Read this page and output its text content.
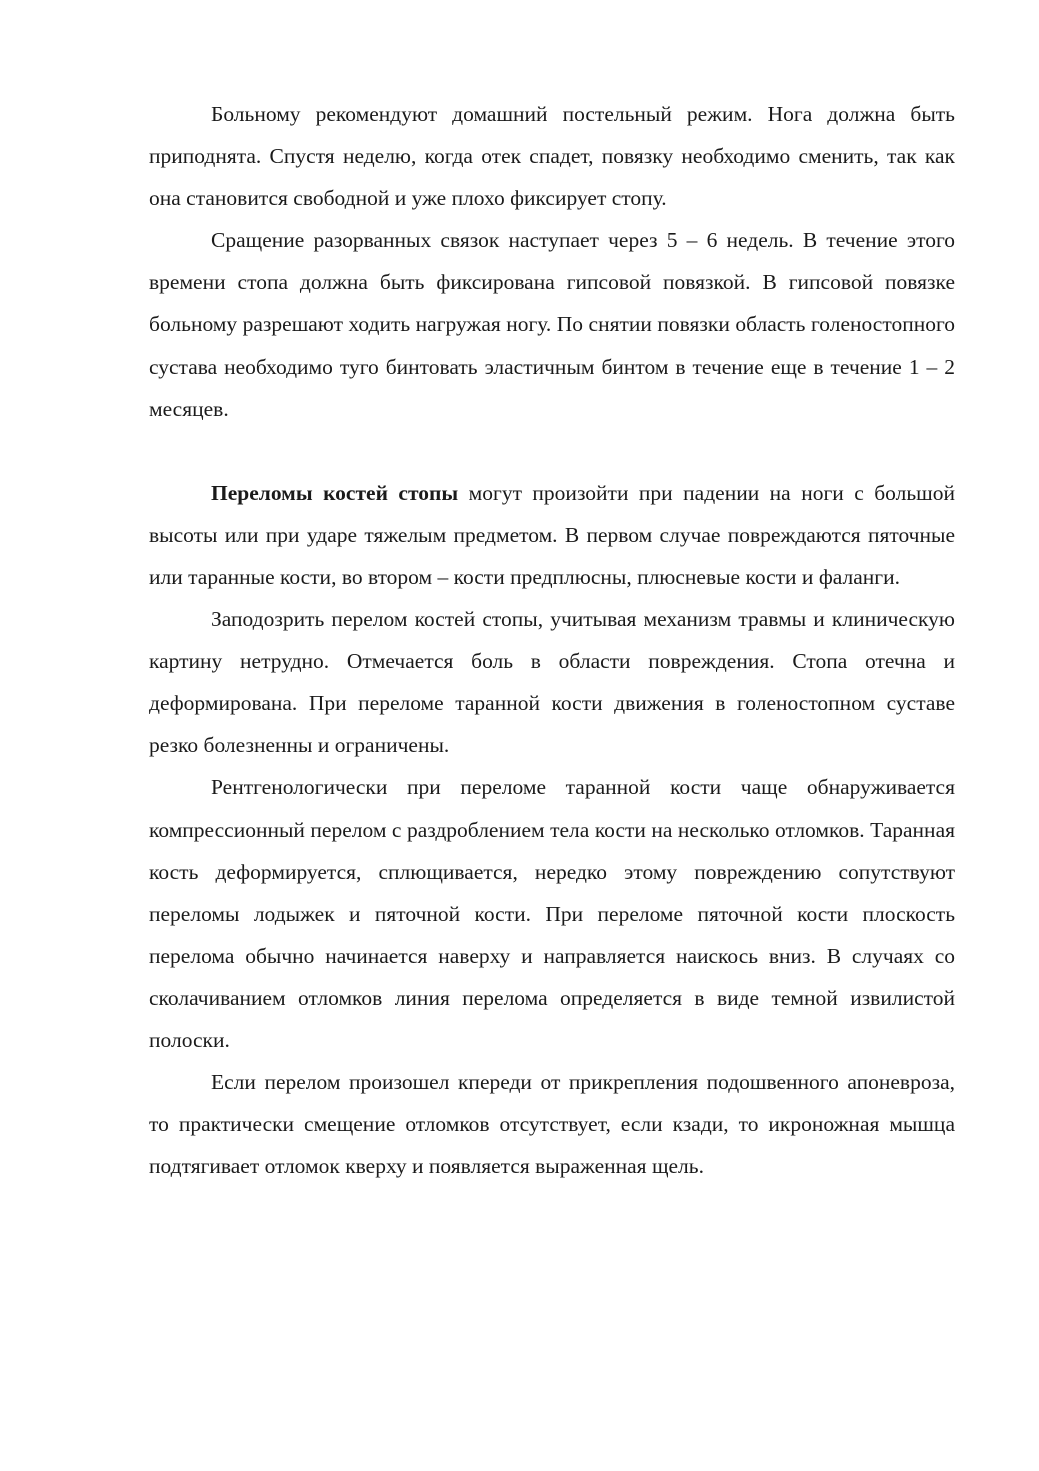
Больному рекомендуют домашний постельный режим. Нога должна быть приподнята. Спустя неделю, когда отек спадет, повязку необходимо сменить, так как она становится свободной и уже плохо фиксирует стопу.

Сращение разорванных связок наступает через 5 – 6 недель. В течение этого времени стопа должна быть фиксирована гипсовой повязкой. В гипсовой повязке больному разрешают ходить нагружая ногу. По снятии повязки область голеностопного сустава необходимо туго бинтовать эластичным бинтом в течение еще в течение 1 – 2 месяцев.

Переломы костей стопы могут произойти при падении на ноги с большой высоты или при ударе тяжелым предметом. В первом случае повреждаются пяточные или таранные кости, во втором – кости предплюсны, плюсневые кости и фаланги.

Заподозрить перелом костей стопы, учитывая механизм травмы и клиническую картину нетрудно. Отмечается боль в области повреждения. Стопа отечна и деформирована. При переломе таранной кости движения в голеностопном суставе резко болезненны и ограничены.

Рентгенологически при переломе таранной кости чаще обнаруживается компрессионный перелом с раздроблением тела кости на несколько отломков. Таранная кость деформируется, сплющивается, нередко этому повреждению сопутствуют переломы лодыжек и пяточной кости. При переломе пяточной кости плоскость перелома обычно начинается наверху и направляется наискось вниз. В случаях со сколачиванием отломков линия перелома определяется в виде темной извилистой полоски.

Если перелом произошел кпереди от прикрепления подошвенного апоневроза, то практически смещение отломков отсутствует, если кзади, то икроножная мышца подтягивает отломок кверху и появляется выраженная щель.
